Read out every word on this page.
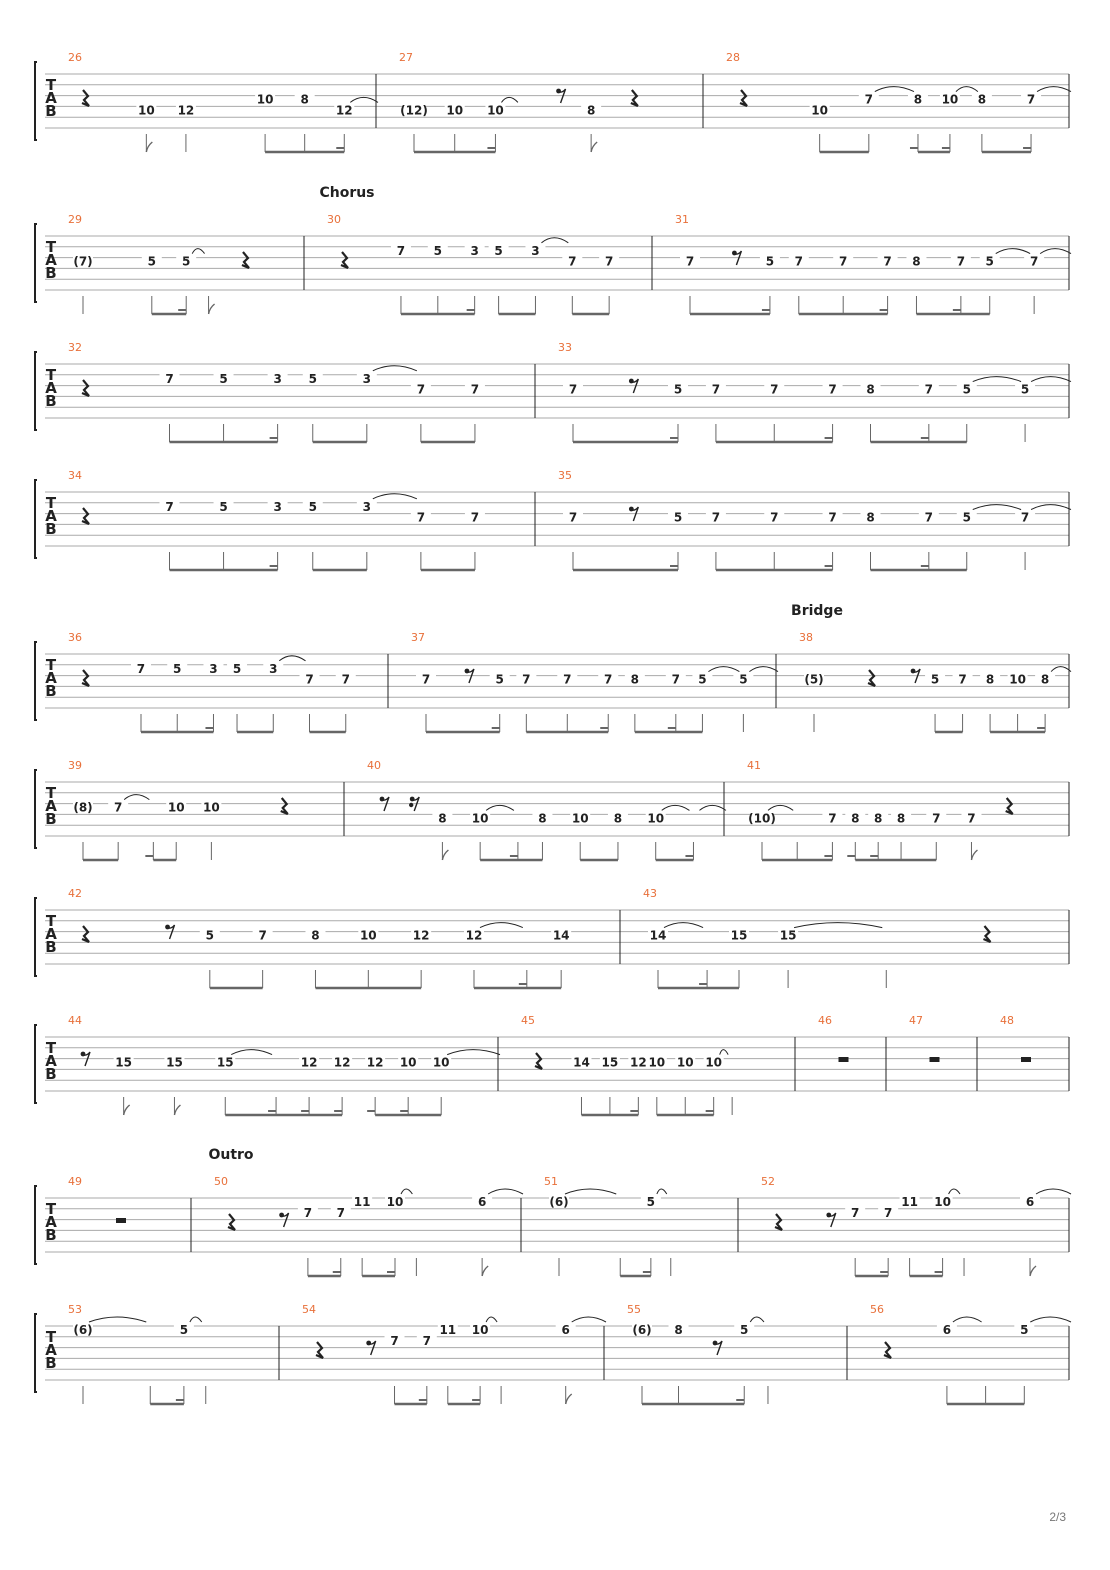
T
A
B
26
10 12
10 8
12
27
(12) 10 10	8
28
10
7	8 10 8	7
T
A
B
Chorus
29
(7)	5 5
30
7 5 3 5 3
7 7
31
7	5 7	7	7 8	7 5	7
T
A
B
32
7	5	3 5	3
7	7
33
7	5 7	7	7 8	7 5	5
T
A
B
34
7	5	3 5	3
7	7
35
7	5 7	7	7 8	7 5	7
T
A
B
Bridge
36
7 5 3 5 3
7 7
37
7	5 7	7	7 8	7 5	5
38
(5)	5 7 8 10 8
T
A
B
39
(8) 7	10 10
40
8 10	8 10 8 10
41
(10)	7 8 8 8 7 7
T
A
B
42
5	7	8	10	12	12	14
43
14	15	15
T
A
B
44
15	15	15	12 12 12 10 10
45
14 15 12 10 10 10
46	47	48
T
A
B
Outro
49	50
7 7
11 10	6
51
(6)	5
52
7 7
11 10	6
T
A
B
53
(6)	5
54
7 7
11 10	6
55
(6) 8	5
56
6	5
2/3
